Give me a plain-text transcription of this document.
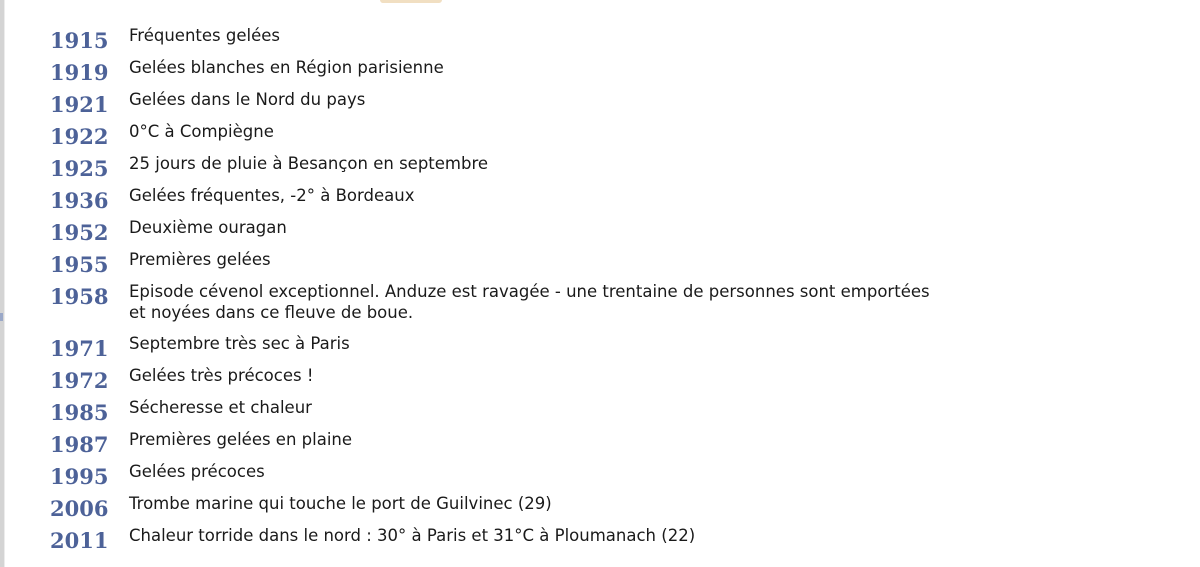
1915	Fréquentes gelées
1919	Gelées blanches en Région parisienne
1921	Gelées dans le Nord du pays
1922	0°C à Compiègne
1925	25 jours de pluie à Besançon en septembre
1936	Gelées fréquentes, -2° à Bordeaux
1952	Deuxième ouragan
1955	Premières gelées
1958	Episode cévenol exceptionnel. Anduze est ravagée - une trentaine de personnes sont emportées
et noyées dans ce fleuve de boue.
1971	Septembre très sec à Paris
1972	Gelées très précoces !
1985	Sécheresse et chaleur
1987	Premières gelées en plaine
1995	Gelées précoces
2006	Trombe marine qui touche le port de Guilvinec (29)
2011	Chaleur torride dans le nord : 30° à Paris et 31°C à Ploumanach (22)
